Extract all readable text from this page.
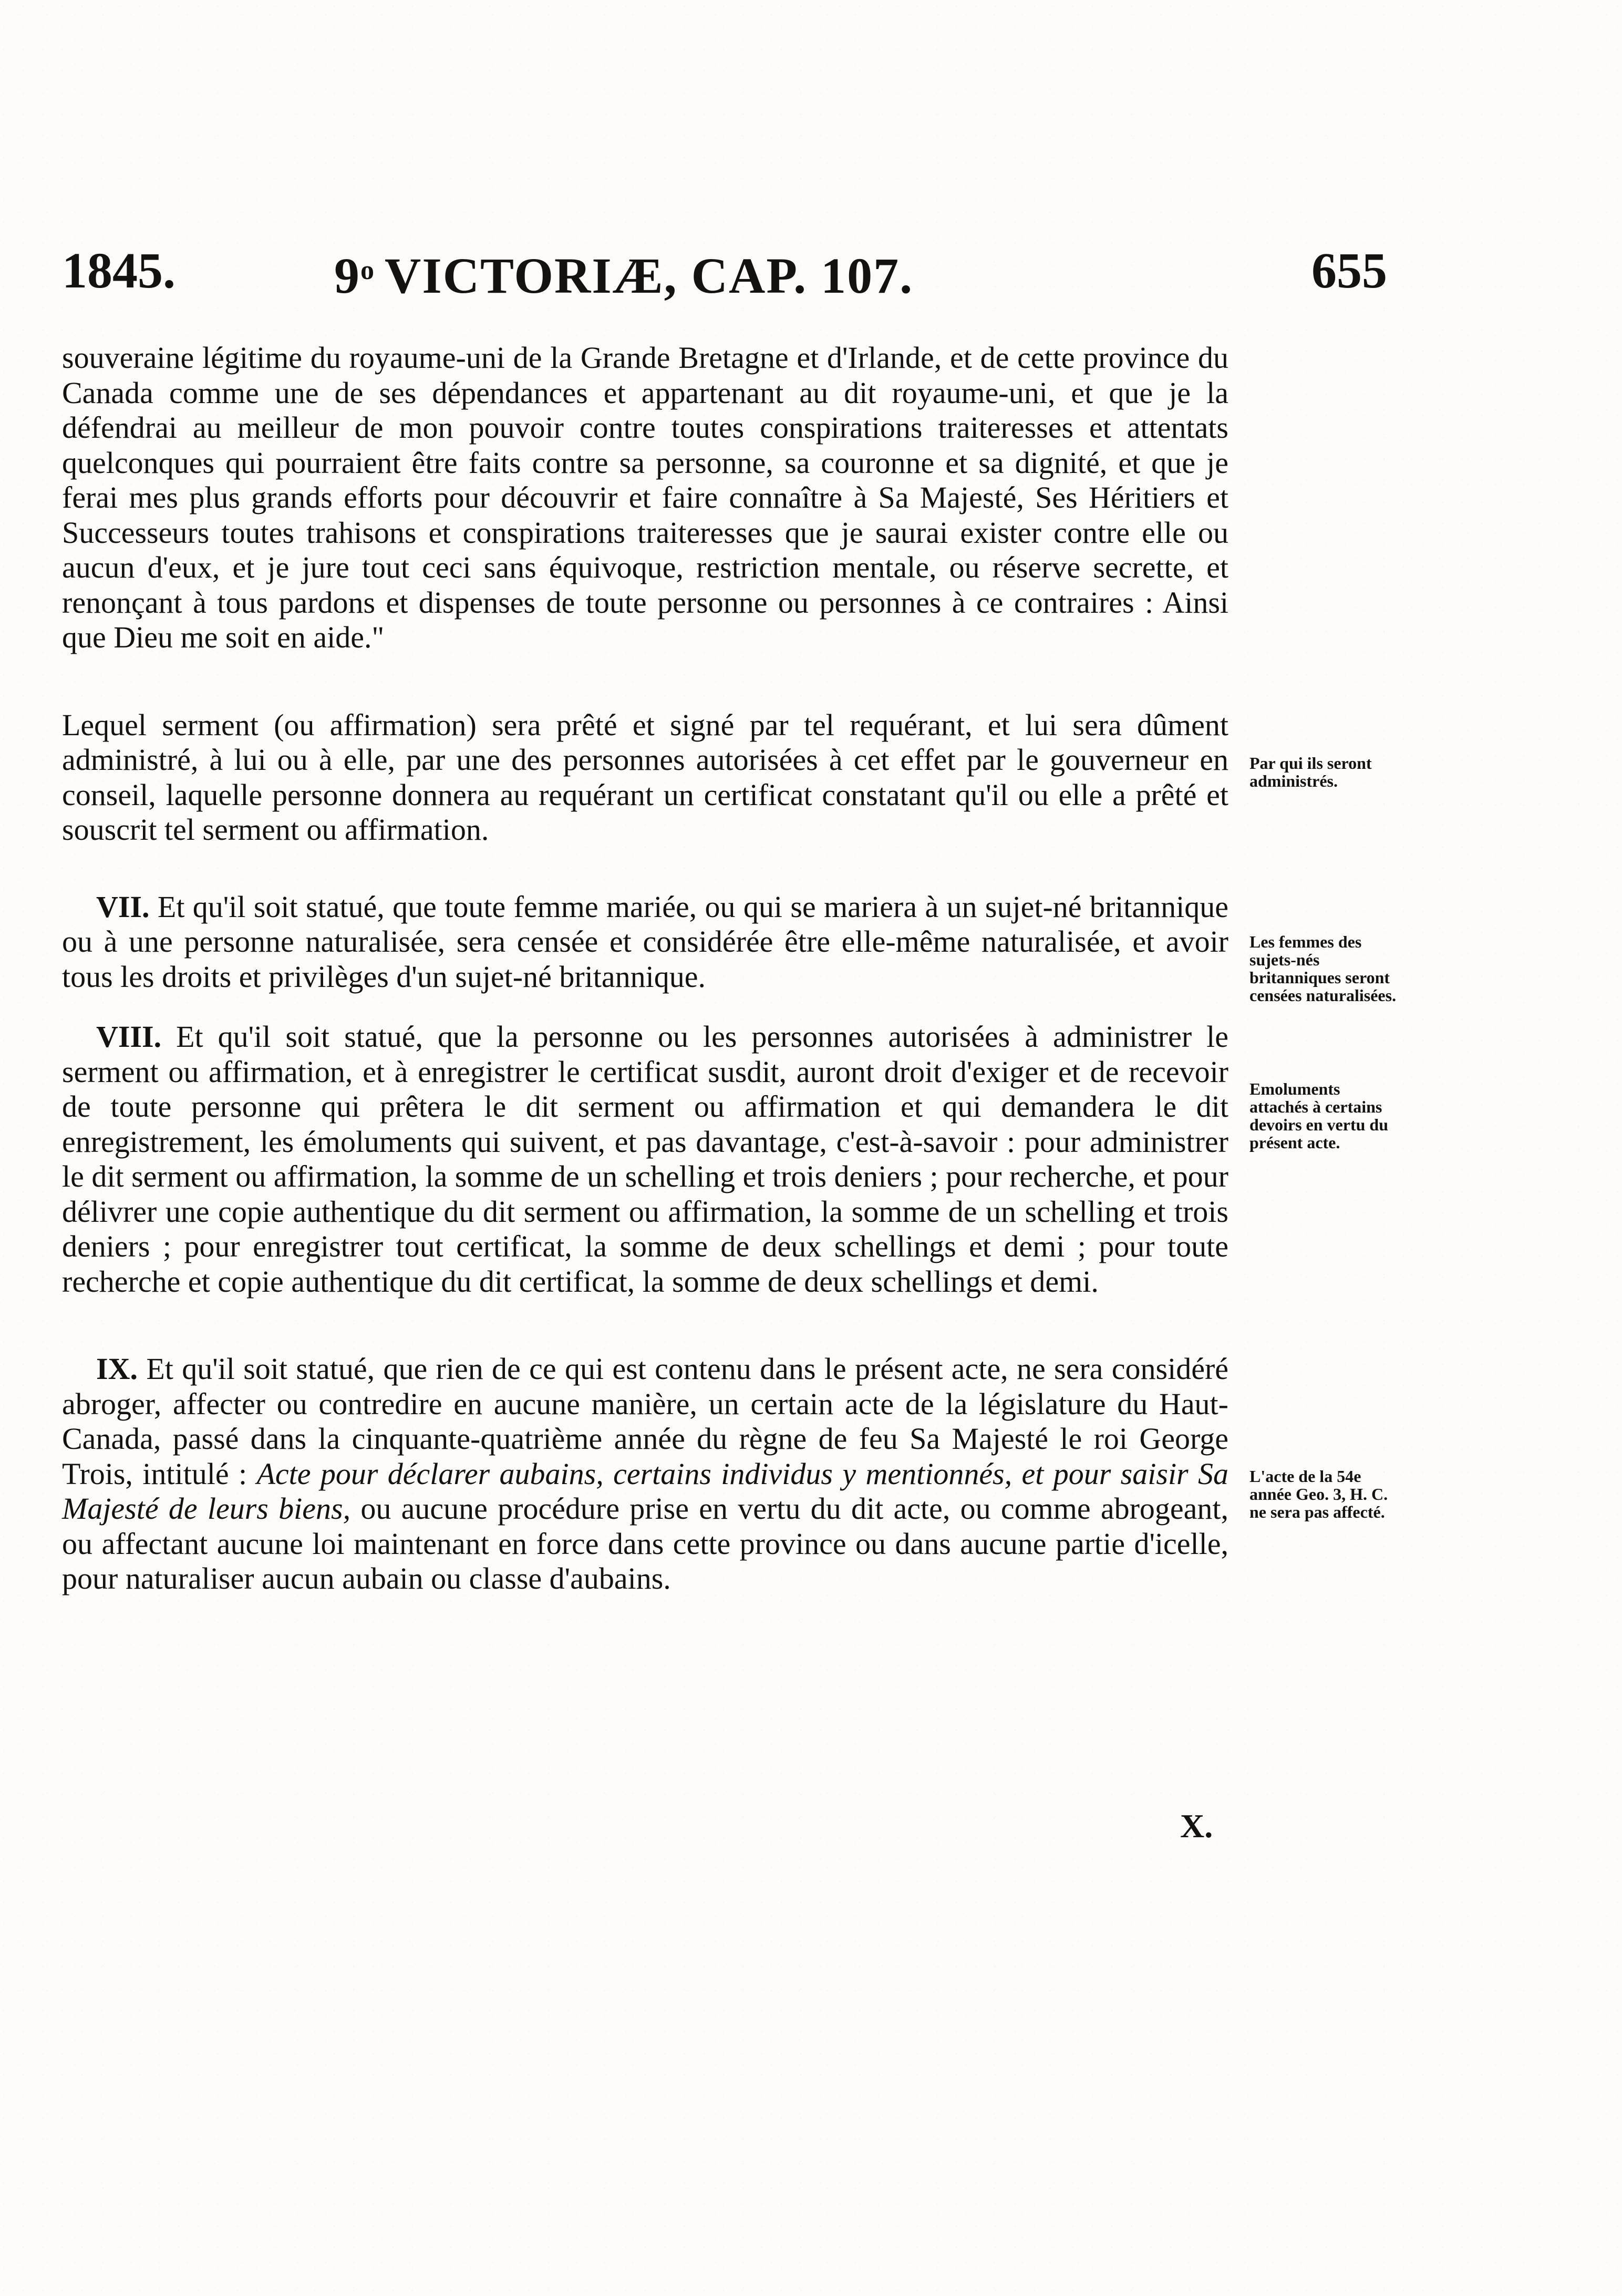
1845.	9$^o$ VICTORIÆ, CAP. 107.	655

souveraine légitime du royaume-uni de la Grande Bretagne et d'Irlande, et de cette province du Canada comme une de ses dépendances et appartenant au dit royaume-uni, et que je la défendrai au meilleur de mon pouvoir contre toutes conspirations traiteresses et attentats quelconques qui pourraient être faits contre sa personne, sa couronne et sa dignité, et que je ferai mes plus grands efforts pour découvrir et faire connaître à Sa Majesté, Ses Héritiers et Successeurs toutes trahisons et conspirations traiteresses que je saurai exister contre elle ou aucun d'eux, et je jure tout ceci sans équivoque, restriction mentale, ou réserve secrette, et renonçant à tous pardons et dispenses de toute personne ou personnes à ce contraires : Ainsi que Dieu me soit en aide."

Lequel serment (ou affirmation) sera prêté et signé par tel requérant, et lui sera dûment administré, à lui ou à elle, par une des personnes autorisées à cet effet par le gouverneur en conseil, laquelle personne donnera au requérant un certificat constatant qu'il ou elle a prêté et souscrit tel serment ou affirmation.

VII. Et qu'il soit statué, que toute femme mariée, ou qui se mariera à un sujet-né britannique ou à une personne naturalisée, sera censée et considérée être elle-même naturalisée, et avoir tous les droits et privilèges d'un sujet-né britannique.

VIII. Et qu'il soit statué, que la personne ou les personnes autorisées à administrer le serment ou affirmation, et à enregistrer le certificat susdit, auront droit d'exiger et de recevoir de toute personne qui prêtera le dit serment ou affirmation et qui demandera le dit enregistrement, les émoluments qui suivent, et pas davantage, c'est-à-savoir : pour administrer le dit serment ou affirmation, la somme de un schelling et trois deniers ; pour recherche, et pour délivrer une copie authentique du dit serment ou affirmation, la somme de un schelling et trois deniers ; pour enregistrer tout certificat, la somme de deux schellings et demi ; pour toute recherche et copie authentique du dit certificat, la somme de deux schellings et demi.

IX. Et qu'il soit statué, que rien de ce qui est contenu dans le présent acte, ne sera considéré abroger, affecter ou contredire en aucune manière, un certain acte de la législature du Haut-Canada, passé dans la cinquante-quatrième année du règne de feu Sa Majesté le roi George Trois, intitulé : Acte pour déclarer aubains, certains individus y mentionnés, et pour saisir Sa Majesté de leurs biens, ou aucune procédure prise en vertu du dit acte, ou comme abrogeant, ou affectant aucune loi maintenant en force dans cette province ou dans aucune partie d'icelle, pour naturaliser aucun aubain ou classe d'aubains.

Par qui ils seront administrés.
Les femmes des sujets-nés britanniques seront censées naturalisées.
Emoluments attachés à certains devoirs en vertu du présent acte.
L'acte de la 54e année Geo. 3, H. C. ne sera pas affecté.
X.
